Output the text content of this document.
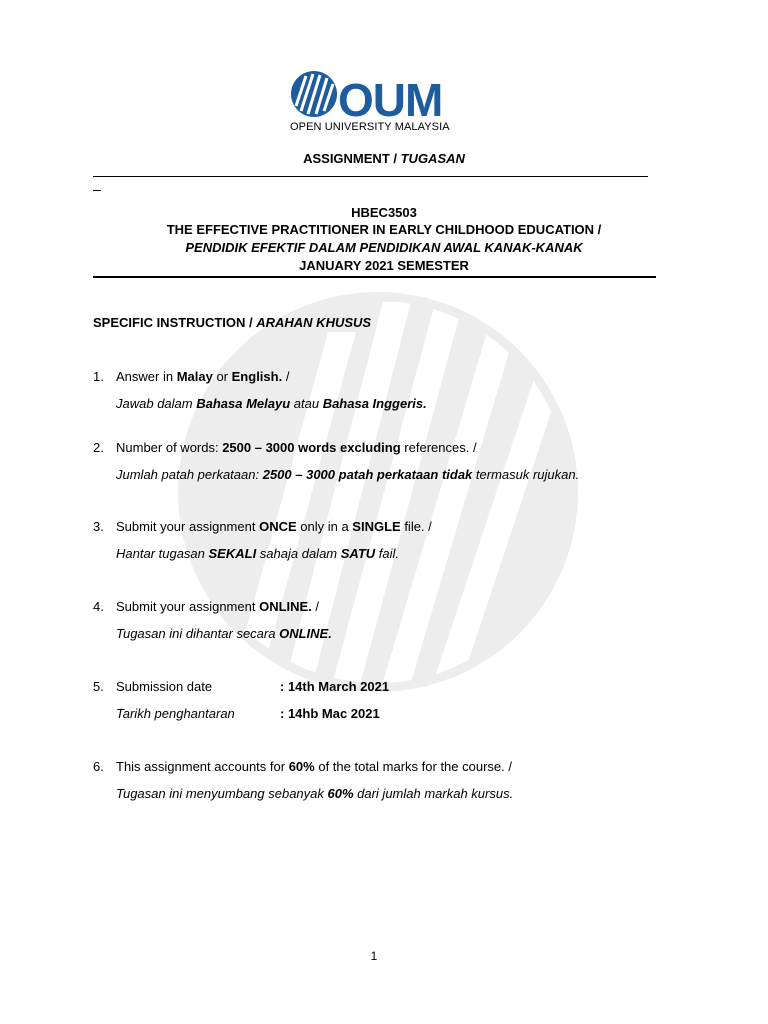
OUM
OPEN UNIVERSITY MALAYSIA
ASSIGNMENT / TUGASAN
HBEC3503
THE EFFECTIVE PRACTITIONER IN EARLY CHILDHOOD EDUCATION /
PENDIDIK EFEKTIF DALAM PENDIDIKAN AWAL KANAK-KANAK
JANUARY 2021 SEMESTER
SPECIFIC INSTRUCTION / ARAHAN KHUSUS
1. Answer in Malay or English. /
Jawab dalam Bahasa Melayu atau Bahasa Inggeris.
2. Number of words: 2500 – 3000 words excluding references. /
Jumlah patah perkataan: 2500 – 3000 patah perkataan tidak termasuk rujukan.
3. Submit your assignment ONCE only in a SINGLE file. /
Hantar tugasan SEKALI sahaja dalam SATU fail.
4. Submit your assignment ONLINE. /
Tugasan ini dihantar secara ONLINE.
5. Submission date	: 14th March 2021
Tarikh penghantaran	: 14hb Mac 2021
6. This assignment accounts for 60% of the total marks for the course. /
Tugasan ini menyumbang sebanyak 60% dari jumlah markah kursus.
1
